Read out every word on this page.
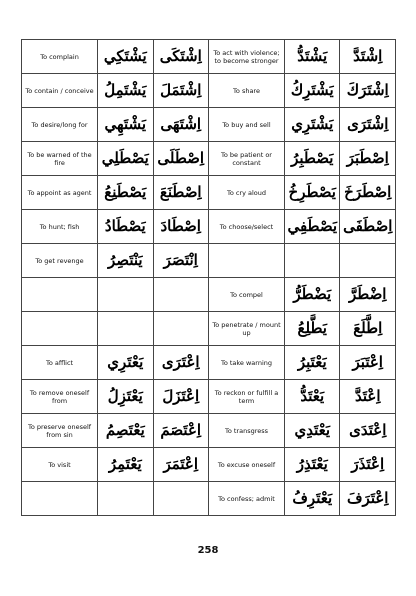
To complain	يَشْتَكِي	اِشْتَكَى	To act with violence; to become stronger	يَشْتَدُّ	اِشْتَدَّ
To contain / conceive	يَشْتَمِلُ	اِشْتَمَلَ	To share	يَشْتَرِكُ	اِشْتَرَكَ
To desire/long for	يَشْتَهِي	اِشْتَهَى	To buy and sell	يَشْتَرِي	اِشْتَرَى
To be warned of the fire	يَصْطَلِي	اِصْطَلَى	To be patient or constant	يَصْطَبِرُ	اِصْطَبَرَ
To appoint as agent	يَصْطَنِعُ	اِصْطَنَعَ	To cry aloud	يَصْطَرِخُ	اِصْطَرَخَ
To hunt; fish	يَصْطَادُ	اِصْطَادَ	To choose/select	يَصْطَفِي	اِصْطَفَى
To get revenge	يَنْتَصِرُ	اِنْتَصَرَ			
			To compel	يَضْطَرُّ	اِضْطَرَّ
			To penetrate / mount up	يَطَّلِعُ	اِطَّلَعَ
To afflict	يَعْتَرِي	اِعْتَرَى	To take warning	يَعْتَبِرُ	اِعْتَبَرَ
To remove oneself from	يَعْتَزِلُ	اِعْتَزَلَ	To reckon or fulfill a term	يَعْتَدُّ	اِعْتَدَّ
To preserve oneself from sin	يَعْتَصِمُ	اِعْتَصَمَ	To transgress	يَعْتَدِي	اِعْتَدَى
To visit	يَعْتَمِرُ	اِعْتَمَرَ	To excuse oneself	يَعْتَذِرُ	اِعْتَذَرَ
			To confess; admit	يَعْتَرِفُ	اِعْتَرَفَ
258
